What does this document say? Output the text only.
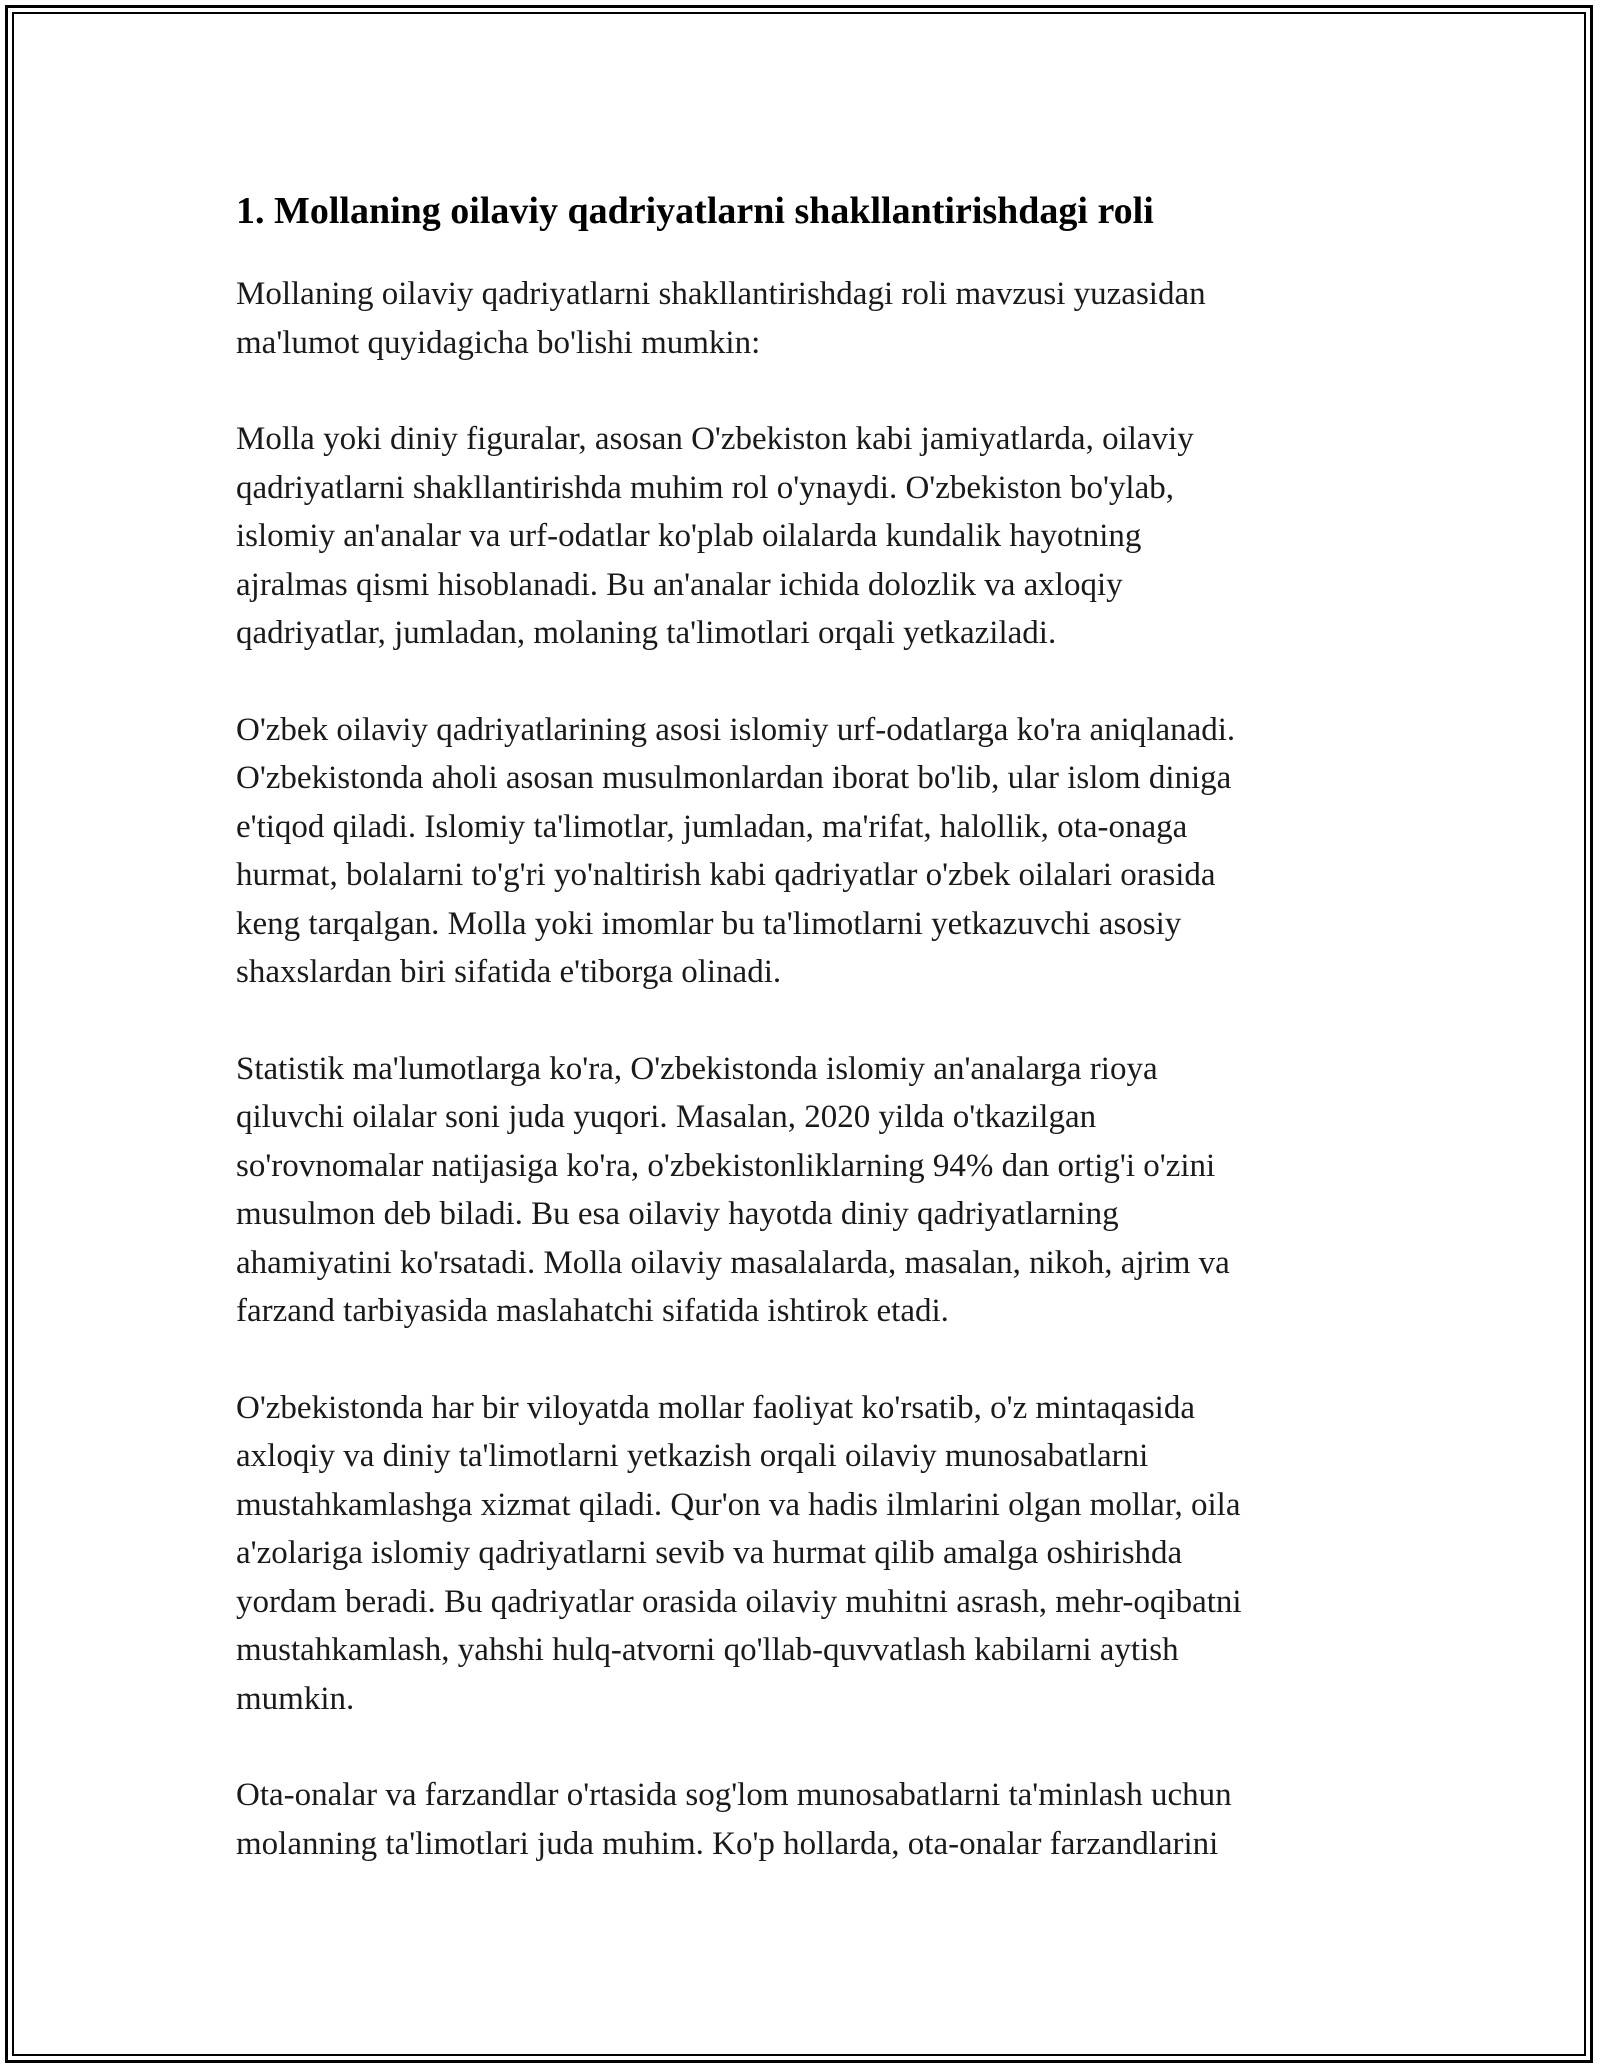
1. Mollaning oilaviy qadriyatlarni shakllantirishdagi roli

Mollaning oilaviy qadriyatlarni shakllantirishdagi roli mavzusi yuzasidan
ma'lumot quyidagicha bo'lishi mumkin:

Molla yoki diniy figuralar, asosan O'zbekiston kabi jamiyatlarda, oilaviy
qadriyatlarni shakllantirishda muhim rol o'ynaydi. O'zbekiston bo'ylab,
islomiy an'analar va urf-odatlar ko'plab oilalarda kundalik hayotning
ajralmas qismi hisoblanadi. Bu an'analar ichida dolozlik va axloqiy
qadriyatlar, jumladan, molaning ta'limotlari orqali yetkaziladi.

O'zbek oilaviy qadriyatlarining asosi islomiy urf-odatlarga ko'ra aniqlanadi.
O'zbekistonda aholi asosan musulmonlardan iborat bo'lib, ular islom diniga
e'tiqod qiladi. Islomiy ta'limotlar, jumladan, ma'rifat, halollik, ota-onaga
hurmat, bolalarni to'g'ri yo'naltirish kabi qadriyatlar o'zbek oilalari orasida
keng tarqalgan. Molla yoki imomlar bu ta'limotlarni yetkazuvchi asosiy
shaxslardan biri sifatida e'tiborga olinadi.

Statistik ma'lumotlarga ko'ra, O'zbekistonda islomiy an'analarga rioya
qiluvchi oilalar soni juda yuqori. Masalan, 2020 yilda o'tkazilgan
so'rovnomalar natijasiga ko'ra, o'zbekistonliklarning 94% dan ortig'i o'zini
musulmon deb biladi. Bu esa oilaviy hayotda diniy qadriyatlarning
ahamiyatini ko'rsatadi. Molla oilaviy masalalarda, masalan, nikoh, ajrim va
farzand tarbiyasida maslahatchi sifatida ishtirok etadi.

O'zbekistonda har bir viloyatda mollar faoliyat ko'rsatib, o'z mintaqasida
axloqiy va diniy ta'limotlarni yetkazish orqali oilaviy munosabatlarni
mustahkamlashga xizmat qiladi. Qur'on va hadis ilmlarini olgan mollar, oila
a'zolariga islomiy qadriyatlarni sevib va hurmat qilib amalga oshirishda
yordam beradi. Bu qadriyatlar orasida oilaviy muhitni asrash, mehr-oqibatni
mustahkamlash, yahshi hulq-atvorni qo'llab-quvvatlash kabilarni aytish
mumkin.

Ota-onalar va farzandlar o'rtasida sog'lom munosabatlarni ta'minlash uchun
molanning ta'limotlari juda muhim. Ko'p hollarda, ota-onalar farzandlarini
